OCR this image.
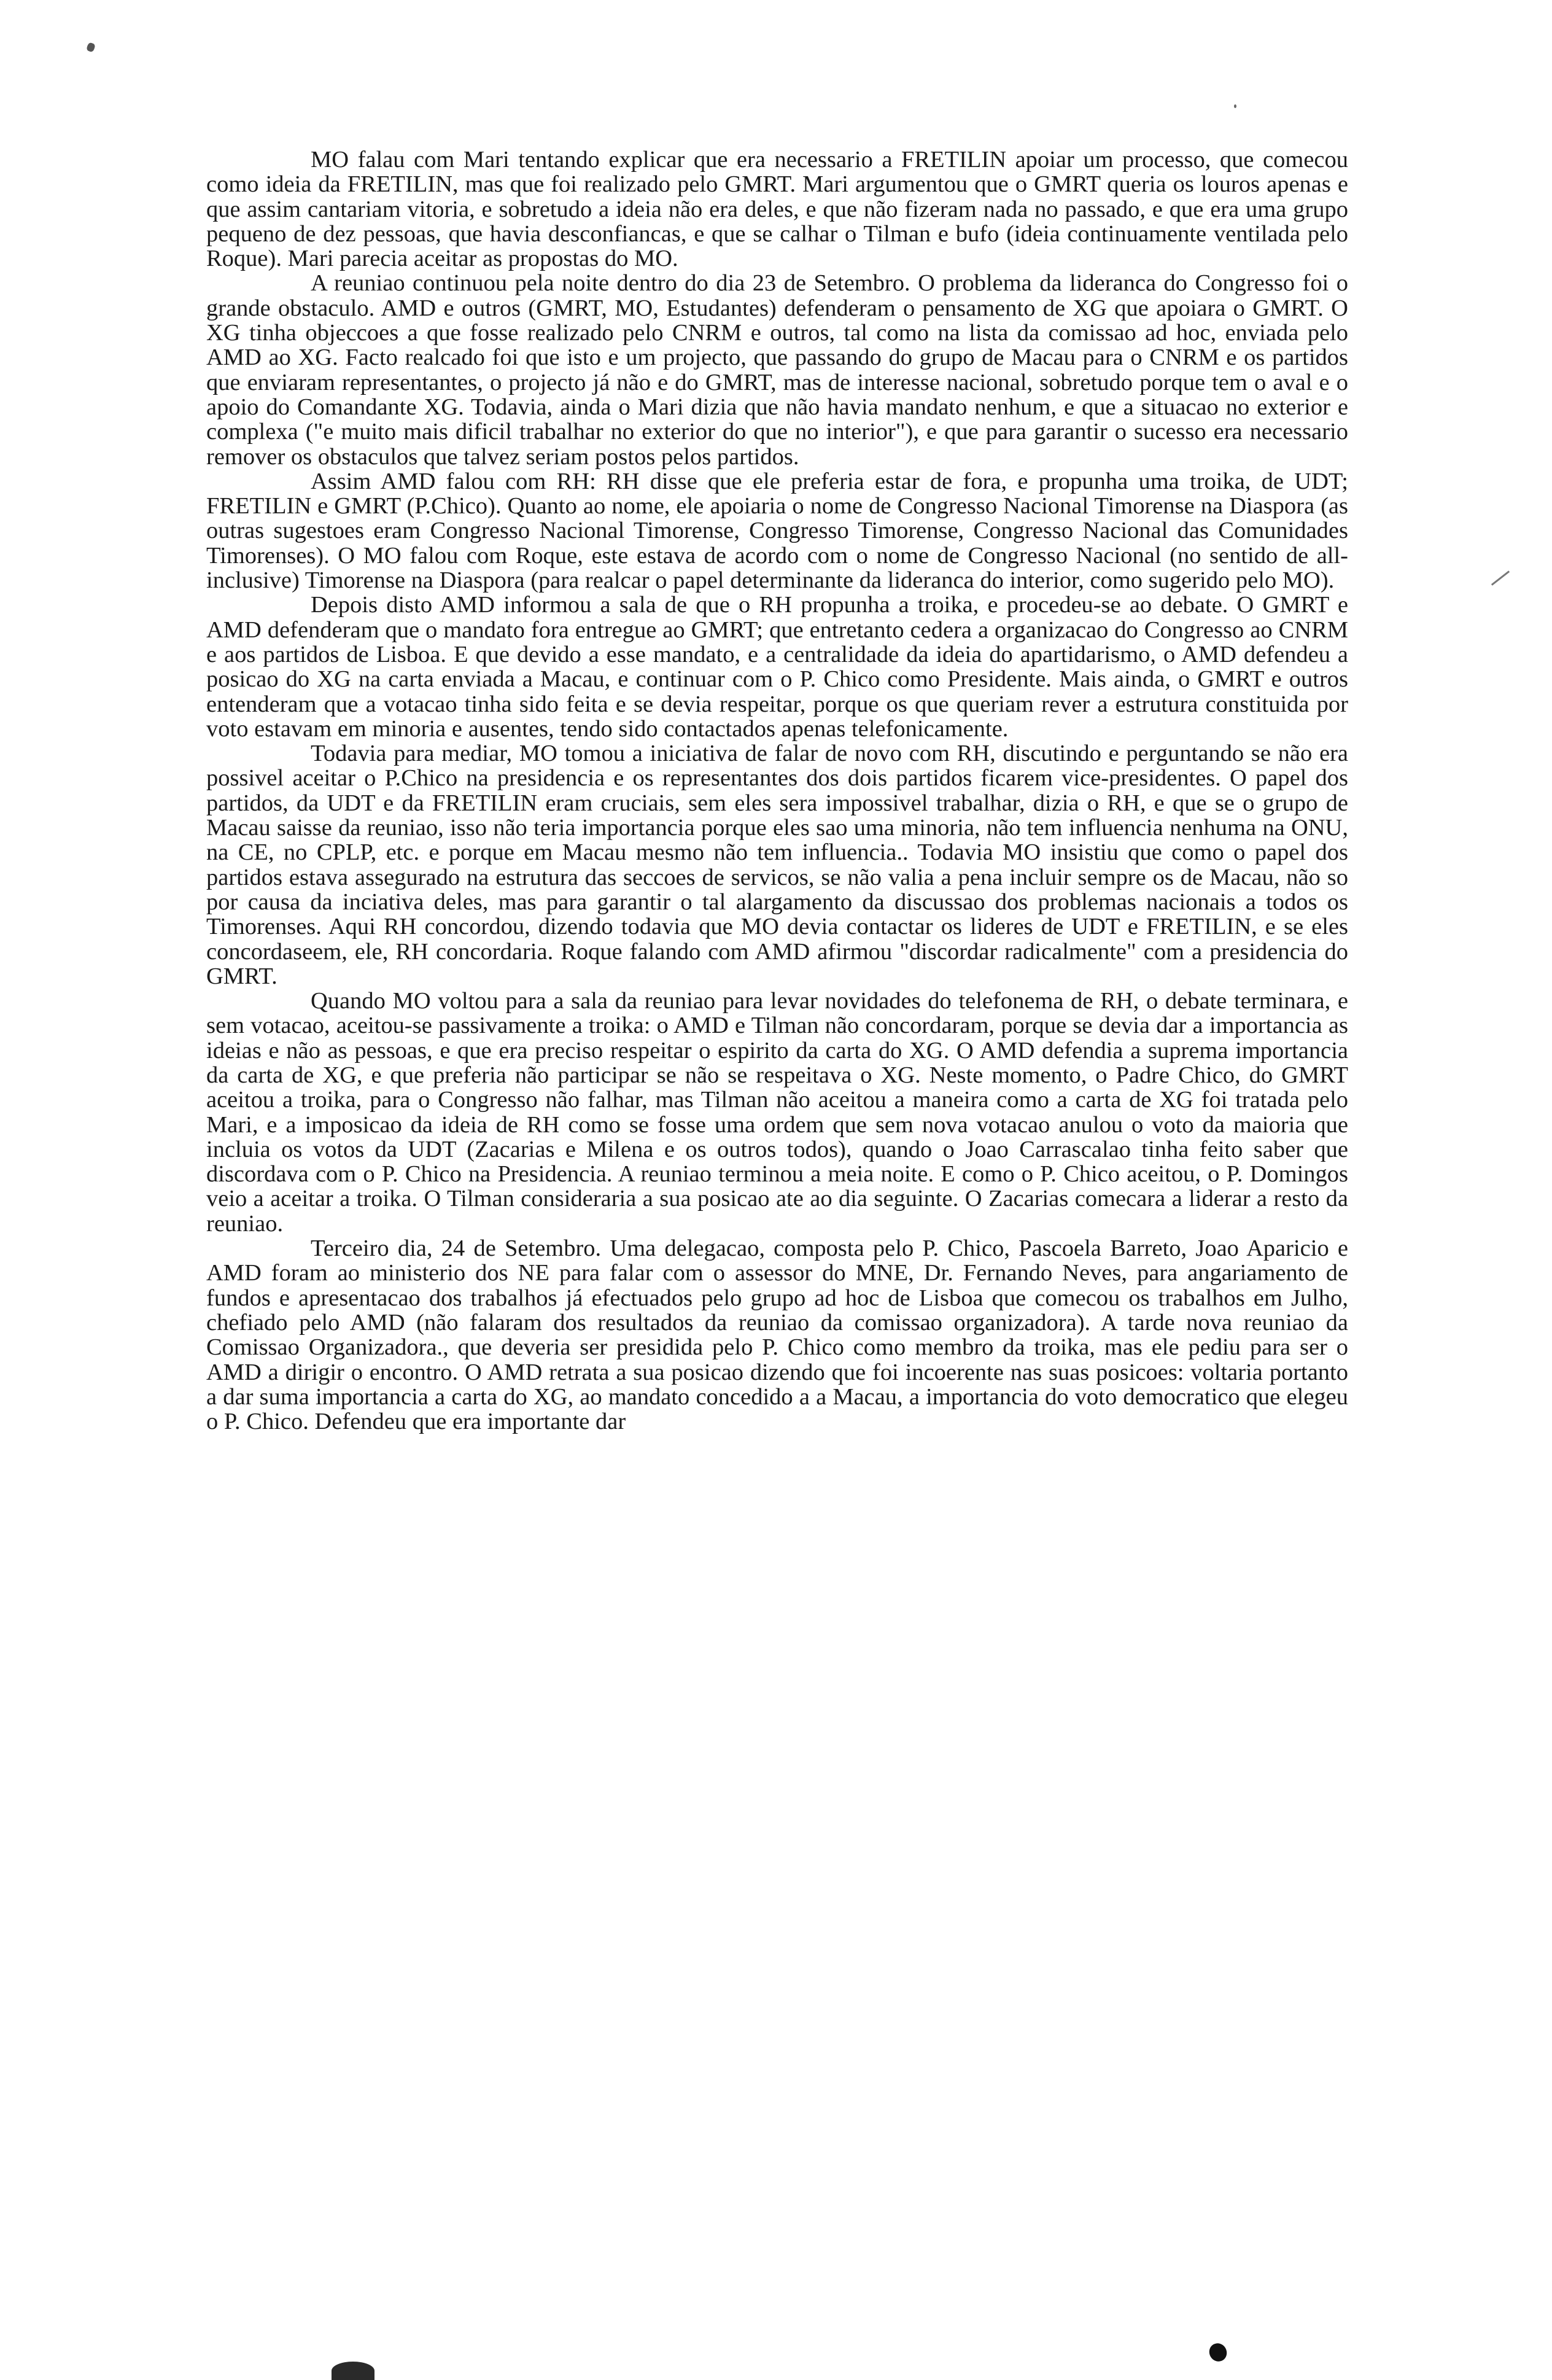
MO falau com Mari tentando explicar que era necessario a FRETILIN apoiar um processo, que comecou como ideia da FRETILIN, mas que foi realizado pelo GMRT. Mari argumentou que o GMRT queria os louros apenas e que assim cantariam vitoria, e sobretudo a ideia não era deles, e que não fizeram nada no passado, e que era uma grupo pequeno de dez pessoas, que havia desconfiancas, e que se calhar o Tilman e bufo (ideia continuamente ventilada pelo Roque). Mari parecia aceitar as propostas do MO.

A reuniao continuou pela noite dentro do dia 23 de Setembro. O problema da lideranca do Congresso foi o grande obstaculo. AMD e outros (GMRT, MO, Estudantes) defenderam o pensamento de XG que apoiara o GMRT. O XG tinha objeccoes a que fosse realizado pelo CNRM e outros, tal como na lista da comissao ad hoc, enviada pelo AMD ao XG. Facto realcado foi que isto e um projecto, que passando do grupo de Macau para o CNRM e os partidos que enviaram representantes, o projecto já não e do GMRT, mas de interesse nacional, sobretudo porque tem o aval e o apoio do Comandante XG. Todavia, ainda o Mari dizia que não havia mandato nenhum, e que a situacao no exterior e complexa ("e muito mais dificil trabalhar no exterior do que no interior"), e que para garantir o sucesso era necessario remover os obstaculos que talvez seriam postos pelos partidos.

Assim AMD falou com RH: RH disse que ele preferia estar de fora, e propunha uma troika, de UDT; FRETILIN e GMRT (P.Chico). Quanto ao nome, ele apoiaria o nome de Congresso Nacional Timorense na Diaspora (as outras sugestoes eram Congresso Nacional Timorense, Congresso Timorense, Congresso Nacional das Comunidades Timorenses). O MO falou com Roque, este estava de acordo com o nome de Congresso Nacional (no sentido de all-inclusive) Timorense na Diaspora (para realcar o papel determinante da lideranca do interior, como sugerido pelo MO).

Depois disto AMD informou a sala de que o RH propunha a troika, e procedeu-se ao debate. O GMRT e AMD defenderam que o mandato fora entregue ao GMRT; que entretanto cedera a organizacao do Congresso ao CNRM e aos partidos de Lisboa. E que devido a esse mandato, e a centralidade da ideia do apartidarismo, o AMD defendeu a posicao do XG na carta enviada a Macau, e continuar com o P. Chico como Presidente. Mais ainda, o GMRT e outros entenderam que a votacao tinha sido feita e se devia respeitar, porque os que queriam rever a estrutura constituida por voto estavam em minoria e ausentes, tendo sido contactados apenas telefonicamente.

Todavia para mediar, MO tomou a iniciativa de falar de novo com RH, discutindo e perguntando se não era possivel aceitar o P.Chico na presidencia e os representantes dos dois partidos ficarem vice-presidentes. O papel dos partidos, da UDT e da FRETILIN eram cruciais, sem eles sera impossivel trabalhar, dizia o RH, e que se o grupo de Macau saisse da reuniao, isso não teria importancia porque eles sao uma minoria, não tem influencia nenhuma na ONU, na CE, no CPLP, etc. e porque em Macau mesmo não tem influencia.. Todavia MO insistiu que como o papel dos partidos estava assegurado na estrutura das seccoes de servicos, se não valia a pena incluir sempre os de Macau, não so por causa da inciativa deles, mas para garantir o tal alargamento da discussao dos problemas nacionais a todos os Timorenses. Aqui RH concordou, dizendo todavia que MO devia contactar os lideres de UDT e FRETILIN, e se eles concordaseem, ele, RH concordaria. Roque falando com AMD afirmou "discordar radicalmente" com a presidencia do GMRT.

Quando MO voltou para a sala da reuniao para levar novidades do telefonema de RH, o debate terminara, e sem votacao, aceitou-se passivamente a troika: o AMD e Tilman não concordaram, porque se devia dar a importancia as ideias e não as pessoas, e que era preciso respeitar o espirito da carta do XG. O AMD defendia a suprema importancia da carta de XG, e que preferia não participar se não se respeitava o XG. Neste momento, o Padre Chico, do GMRT aceitou a troika, para o Congresso não falhar, mas Tilman não aceitou a maneira como a carta de XG foi tratada pelo Mari, e a imposicao da ideia de RH como se fosse uma ordem que sem nova votacao anulou o voto da maioria que incluia os votos da UDT (Zacarias e Milena e os outros todos), quando o Joao Carrascalao tinha feito saber que discordava com o P. Chico na Presidencia. A reuniao terminou a meia noite. E como o P. Chico aceitou, o P. Domingos veio a aceitar a troika. O Tilman consideraria a sua posicao ate ao dia seguinte. O Zacarias comecara a liderar a resto da reuniao.

Terceiro dia, 24 de Setembro. Uma delegacao, composta pelo P. Chico, Pascoela Barreto, Joao Aparicio e AMD foram ao ministerio dos NE para falar com o assessor do MNE, Dr. Fernando Neves, para angariamento de fundos e apresentacao dos trabalhos já efectuados pelo grupo ad hoc de Lisboa que comecou os trabalhos em Julho, chefiado pelo AMD (não falaram dos resultados da reuniao da comissao organizadora). A tarde nova reuniao da Comissao Organizadora., que deveria ser presidida pelo P. Chico como membro da troika, mas ele pediu para ser o AMD a dirigir o encontro. O AMD retrata a sua posicao dizendo que foi incoerente nas suas posicoes: voltaria portanto a dar suma importancia a carta do XG, ao mandato concedido a a Macau, a importancia do voto democratico que elegeu o P. Chico. Defendeu que era importante dar
